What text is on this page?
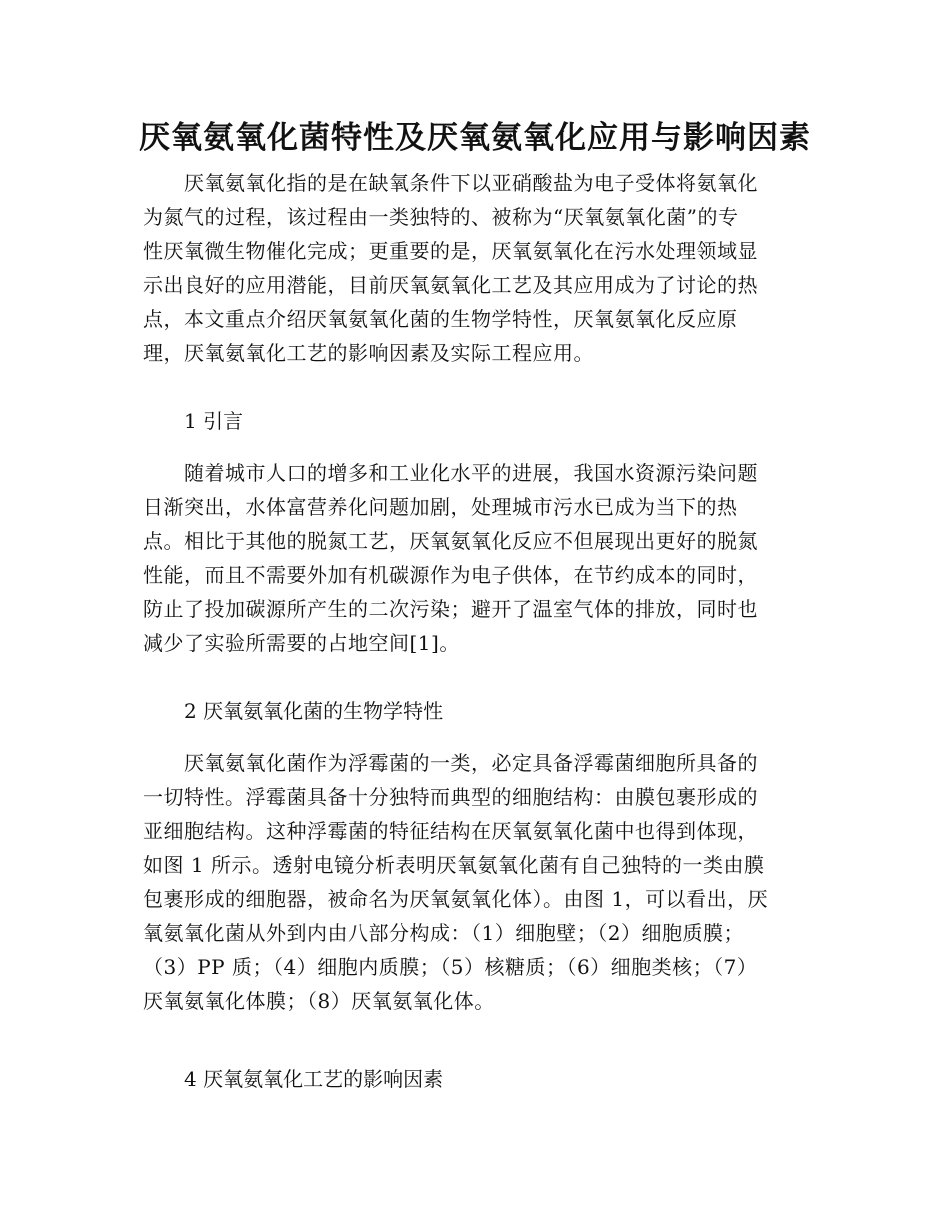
厌氧氨氧化菌特性及厌氧氨氧化应用与影响因素

厌氧氨氧化指的是在缺氧条件下以亚硝酸盐为电子受体将氨氧化
为氮气的过程，该过程由一类独特的、被称为“厌氧氨氧化菌”的专
性厌氧微生物催化完成；更重要的是，厌氧氨氧化在污水处理领域显
示出良好的应用潜能，目前厌氧氨氧化工艺及其应用成为了讨论的热
点，本文重点介绍厌氧氨氧化菌的生物学特性，厌氧氨氧化反应原
理，厌氧氨氧化工艺的影响因素及实际工程应用。

1 引言

随着城市人口的增多和工业化水平的进展，我国水资源污染问题
日渐突出，水体富营养化问题加剧，处理城市污水已成为当下的热
点。相比于其他的脱氮工艺，厌氧氨氧化反应不但展现出更好的脱氮
性能，而且不需要外加有机碳源作为电子供体，在节约成本的同时，
防止了投加碳源所产生的二次污染；避开了温室气体的排放，同时也
减少了实验所需要的占地空间[1]。

2 厌氧氨氧化菌的生物学特性

厌氧氨氧化菌作为浮霉菌的一类，必定具备浮霉菌细胞所具备的
一切特性。浮霉菌具备十分独特而典型的细胞结构：由膜包裹形成的
亚细胞结构。这种浮霉菌的特征结构在厌氧氨氧化菌中也得到体现，
如图 1 所示。透射电镜分析表明厌氧氨氧化菌有自己独特的一类由膜
包裹形成的细胞器，被命名为厌氧氨氧化体）。由图 1，可以看出，厌
氧氨氧化菌从外到内由八部分构成：（1）细胞壁；（2）细胞质膜；
（3）PP 质；（4）细胞内质膜；（5）核糖质；（6）细胞类核；（7）
厌氧氨氧化体膜；（8）厌氧氨氧化体。

4 厌氧氨氧化工艺的影响因素
